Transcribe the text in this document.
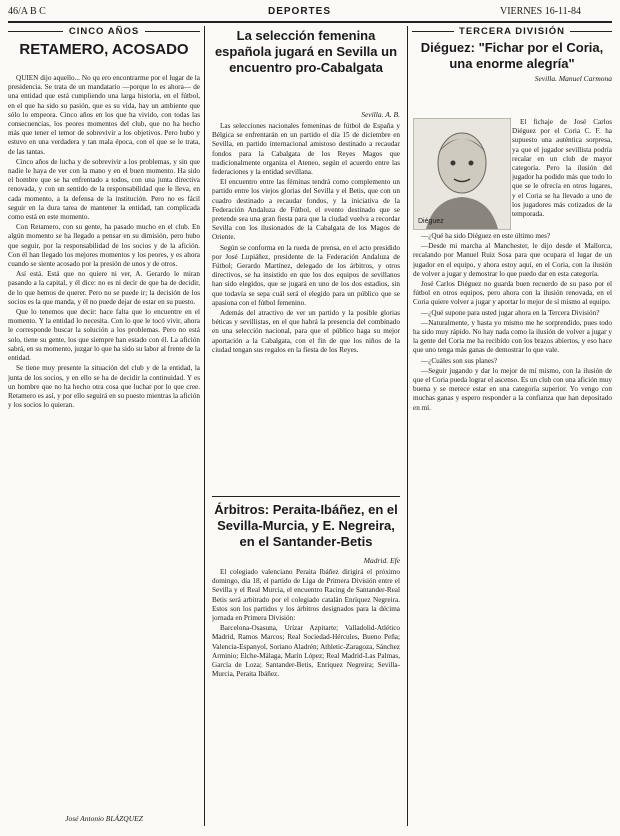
46/A B C	DEPORTES	VIERNES 16-11-84
CINCO AÑOS
RETAMERO, ACOSADO

QUIEN dijo aquello... No qu ero encontrarme por el lugar de la presidencia. Se trata de un mandatario —porque lo es ahora— de una entidad que está cumpliendo una larga historia, en el fútbol, en el que ha sido su pasión, que es su vida, hay un ambiente que sólo lo empeora. Cinco años en los que ha vivido, con todas las consecuencias, los peores momentos del club, que no ha hecho más que tener el temor de sobrevivir a los objetivos. Pero hubo y estuvo en una verdadera y tan mala época, con el que se le trata, de las tantas.

Cinco años de lucha y de sobrevivir a los problemas, y sin que nadie le haya de ver con la mano y en el buen momento. Ha sido el hombre que se ha enfrentado a todos, con una junta directiva renovada, y con un sentido de la responsabilidad que le lleva, en cada momento, a la defensa de la institución. Pero no es fácil seguir en la dura tarea de mantener la entidad, tan complicada como está en este momento.

Con Retamero, con su gente, ha pasado mucho en el club. En algún momento se ha llegado a pensar en su dimisión, pero hubo que seguir, por la responsabilidad de los socios y de la afición. Con él han llegado los mejores momentos y los peores, y es ahora cuando se siente acosado por la presión de unos y de otros.

Así está. Está que no quiere ni ver, A. Gerardo le miran pasando a la capital, y él dice: no es ni decir de que ha de decidir, de lo que hemos de querer. Pero no se puede ir; la decisión de los socios es la que manda, y él no puede dejar de estar en su puesto.

Que lo tenemos que decir: hace falta que lo encuentre en el momento. Y la entidad lo necesita. Con lo que le tocó vivir, ahora le corresponde buscar la solución a los problemas. Pero no está solo, tiene su gente, los que siempre han estado con él. La afición sabrá, en su momento, juzgar lo que ha sido su labor al frente de la entidad.

Se tiene muy presente la situación del club y de la entidad, la junta de los socios, y en ello se ha de decidir la continuidad. Y es un hombre que no ha hecho otra cosa que luchar por lo que cree. Retamero es así, y por ello seguirá en su puesto mientras la afición y los socios lo quieran.

José Antonio BLÁZQUEZ
La selección femenina española jugará en Sevilla un encuentro pro-Cabalgata
Sevilla. A. B.

Las selecciones nacionales femeninas de fútbol de España y Bélgica se enfrentarán en un partido el día 15 de diciembre en Sevilla, en partido internacional amistoso destinado a recaudar fondos para la Cabalgata de los Reyes Magos que tradicionalmente organiza el Ateneo, según el acuerdo entre las federaciones y la entidad sevillana.

El encuentro entre las féminas tendrá como complemento un partido entre los viejos glorias del Sevilla y el Betis, que con un cuadro destinado a recaudar fondos, y la iniciativa de la Federación Andaluza de Fútbol, el evento destinado que se pretende sea una gran fiesta para que la ciudad vuelva a recordar Sevilla con los ilusionados de la Cabalgata de los Magos de Oriente.

Según se conforma en la rueda de prensa, en el acto presidido por José Lupiáñez, presidente de la Federación Andaluza de Fútbol; Gerardo Martínez, delegado de los árbitros, y otros directivos, se ha insistido en que los dos equipos de sevillanos han sido elegidos, que se jugará en uno de los dos estadios, sin que todavía se sepa cuál será el elegido para un público que se apasiona con el fútbol femenino.

Además del atractivo de ver un partido y la posible glorias béticas y sevillistas, en el que habrá la presencia del combinado en una selección nacional, para que el público haga su mejor aportación a la Cabalgata, con el fin de que los niños de la ciudad tengan sus regalos en la fiesta de los Reyes.

Árbitros: Peraita-Ibáñez, en el Sevilla-Murcia, y E. Negreira, en el Santander-Betis
Madrid. Efe

El colegiado valenciano Peraita Ibáñez dirigirá el próximo domingo, día 18, el partido de Liga de Primera División entre el Sevilla y el Real Murcia, el encuentro Racing de Santander-Real Betis será arbitrado por el colegiado catalán Enríquez Negreira. Estos son los partidos y los árbitros designados para la décima jornada en Primera División:

Barcelona-Osasuna, Urízar Azpitarte; Valladolid-Atlético Madrid, Ramos Marcos; Real Sociedad-Hércules, Bueno Peña; Valencia-Espanyol, Soriano Aladrén; Athletic-Zaragoza, Sánchez Arminio; Elche-Málaga, Marín López; Real Madrid-Las Palmas, García de Loza; Santander-Betis, Enríquez Negreira; Sevilla-Murcia, Peraita Ibáñez.

TERCERA DIVISIÓN
Diéguez: "Fichar por el Coria, una enorme alegría"
Sevilla. Manuel Carmona
Diéguez

El fichaje de José Carlos Diéguez por el Coria C. F. ha supuesto una auténtica sorpresa, ya que el jugador sevillista podría recalar en un club de mayor categoría. Pero la ilusión del jugador ha podido más que todo lo que se le ofrecía en otros lugares, y el Coria se ha llevado a uno de los jugadores más cotizados de la temporada.

—¿Qué ha sido Diéguez en este último mes?

—Desde mi marcha al Manchester, le dijo desde el Mallorca, recalando por Manuel Ruiz Sosa para que ocupara el lugar de un jugador en el equipo, y ahora estoy aquí, en el Coria, con la ilusión de volver a jugar y demostrar lo que puedo dar en esta categoría.

José Carlos Diéguez no guarda buen recuerdo de su paso por el fútbol en otros equipos, pero ahora con la ilusión renovada, en el Coria quiere volver a jugar y aportar lo mejor de sí mismo al equipo.

—¿Qué supone para usted jugar ahora en la Tercera División?

—Naturalmente, y hasta yo mismo me he sorprendido, pues todo ha sido muy rápido. No hay nada como la ilusión de volver a jugar y la gente del Coria me ha recibido con los brazos abiertos, y eso hace que uno tenga más ganas de demostrar lo que vale.

—¿Cuáles son sus planes?

—Seguir jugando y dar lo mejor de mí mismo, con la ilusión de que el Coria pueda lograr el ascenso. Es un club con una afición muy buena y se merece estar en una categoría superior. Yo vengo con muchas ganas y espero responder a la confianza que han depositado en mí.
